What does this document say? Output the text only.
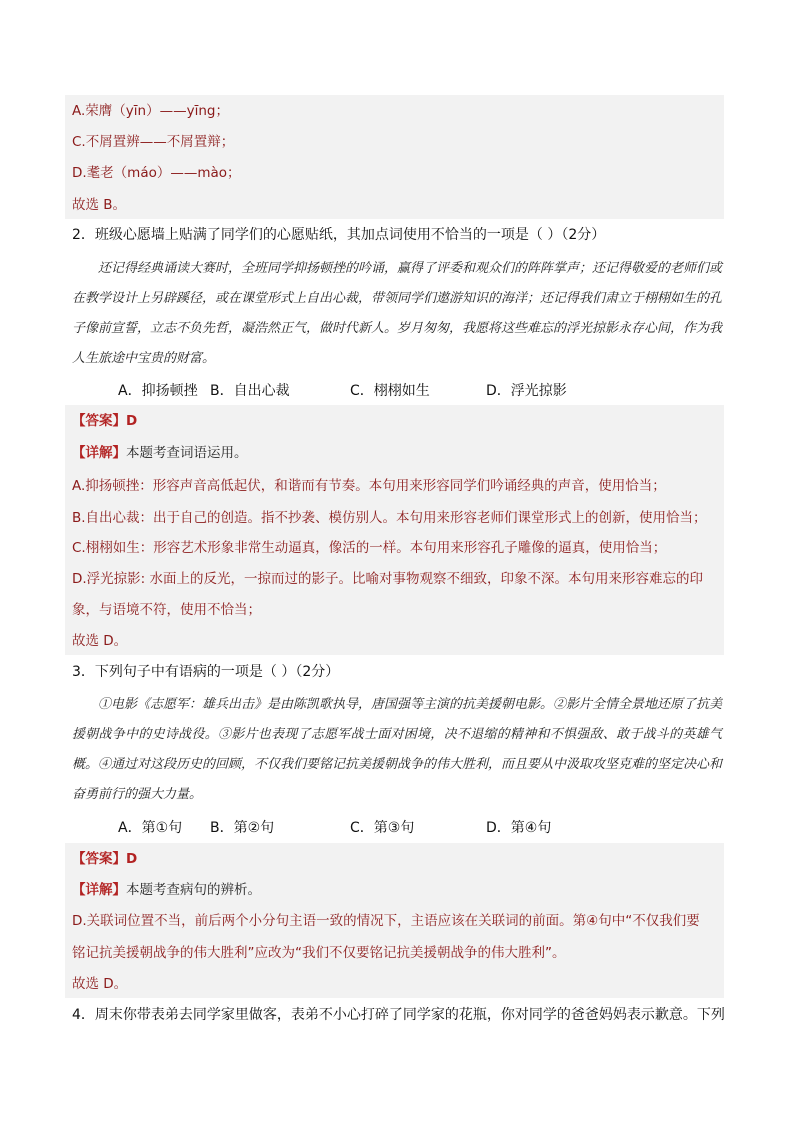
A.荣膺（yīn）——yīng；
C.不屑置辨——不屑置辩；
D.耄老（máo）——mào；
故选 B。
2．班级心愿墙上贴满了同学们的心愿贴纸，其加点词使用不恰当的一项是（ ）（2分）

还记得经典诵读大赛时，全班同学抑扬顿挫的吟诵，赢得了评委和观众们的阵阵掌声；还记得敬爱的老师们或在教学设计上另辟蹊径，或在课堂形式上自出心裁，带领同学们遨游知识的海洋；还记得我们肃立于栩栩如生的孔子像前宣誓，立志不负先哲，凝浩然正气，做时代新人。岁月匆匆，我愿将这些难忘的浮光掠影永存心间，作为我人生旅途中宝贵的财富。

A．抑扬顿挫 B．自出心裁	C．栩栩如生	D．浮光掠影
【答案】D
【详解】本题考查词语运用。
A.抑扬顿挫：形容声音高低起伏，和谐而有节奏。本句用来形容同学们吟诵经典的声音，使用恰当；
B.自出心裁：出于自己的创造。指不抄袭、模仿别人。本句用来形容老师们课堂形式上的创新，使用恰当；
C.栩栩如生：形容艺术形象非常生动逼真，像活的一样。本句用来形容孔子雕像的逼真，使用恰当；
D.浮光掠影: 水面上的反光，一掠而过的影子。比喻对事物观察不细致，印象不深。本句用来形容难忘的印
象，与语境不符，使用不恰当；
故选 D。
3．下列句子中有语病的一项是（ ）（2分）

①电影《志愿军：雄兵出击》是由陈凯歌执导，唐国强等主演的抗美援朝电影。②影片全情全景地还原了抗美援朝战争中的史诗战役。③影片也表现了志愿军战士面对困境，决不退缩的精神和不惧强敌、敢于战斗的英雄气概。④通过对这段历史的回顾，不仅我们要铭记抗美援朝战争的伟大胜利，而且要从中汲取攻坚克难的坚定决心和奋勇前行的强大力量。

A．第①句 B．第②句	C．第③句	D．第④句
【答案】D
【详解】本题考查病句的辨析。
D.关联词位置不当，前后两个小分句主语一致的情况下，主语应该在关联词的前面。第④句中“不仅我们要
铭记抗美援朝战争的伟大胜利”应改为“我们不仅要铭记抗美援朝战争的伟大胜利”。
故选 D。
4．周末你带表弟去同学家里做客，表弟不小心打碎了同学家的花瓶，你对同学的爸爸妈妈表示歉意。下列
